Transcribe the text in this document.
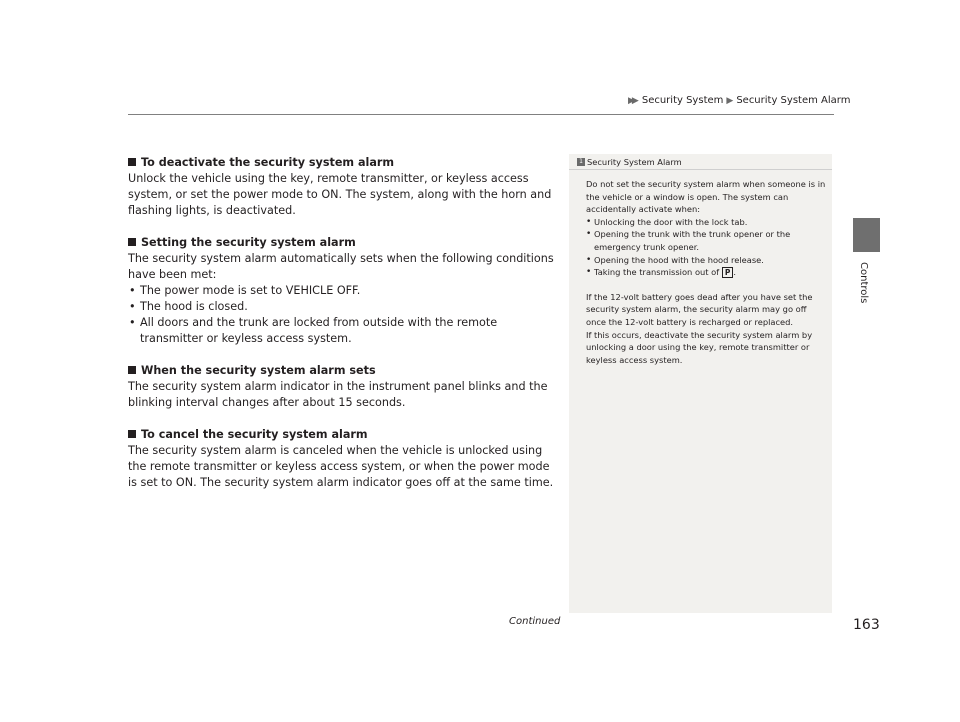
▶▶ Security System ▶ Security System Alarm
Controls
To deactivate the security system alarm

Unlock the vehicle using the key, remote transmitter, or keyless access system, or set the power mode to ON. The system, along with the horn and flashing lights, is deactivated.

Setting the security system alarm

The security system alarm automatically sets when the following conditions have been met:

• The power mode is set to VEHICLE OFF.
• The hood is closed.
• All doors and the trunk are locked from outside with the remote transmitter or keyless access system.
When the security system alarm sets

The security system alarm indicator in the instrument panel blinks and the blinking interval changes after about 15 seconds.

To cancel the security system alarm

The security system alarm is canceled when the vehicle is unlocked using the remote transmitter or keyless access system, or when the power mode is set to ON. The security system alarm indicator goes off at the same time.

1 Security System Alarm
Do not set the security system alarm when someone is in the vehicle or a window is open. The system can accidentally activate when:
• Unlocking the door with the lock tab.
• Opening the trunk with the trunk opener or the emergency trunk opener.
• Opening the hood with the hood release.
• Taking the transmission out of P .
If the 12-volt battery goes dead after you have set the security system alarm, the security alarm may go off once the 12-volt battery is recharged or replaced.
If this occurs, deactivate the security system alarm by unlocking a door using the key, remote transmitter or keyless access system.
Continued	163
